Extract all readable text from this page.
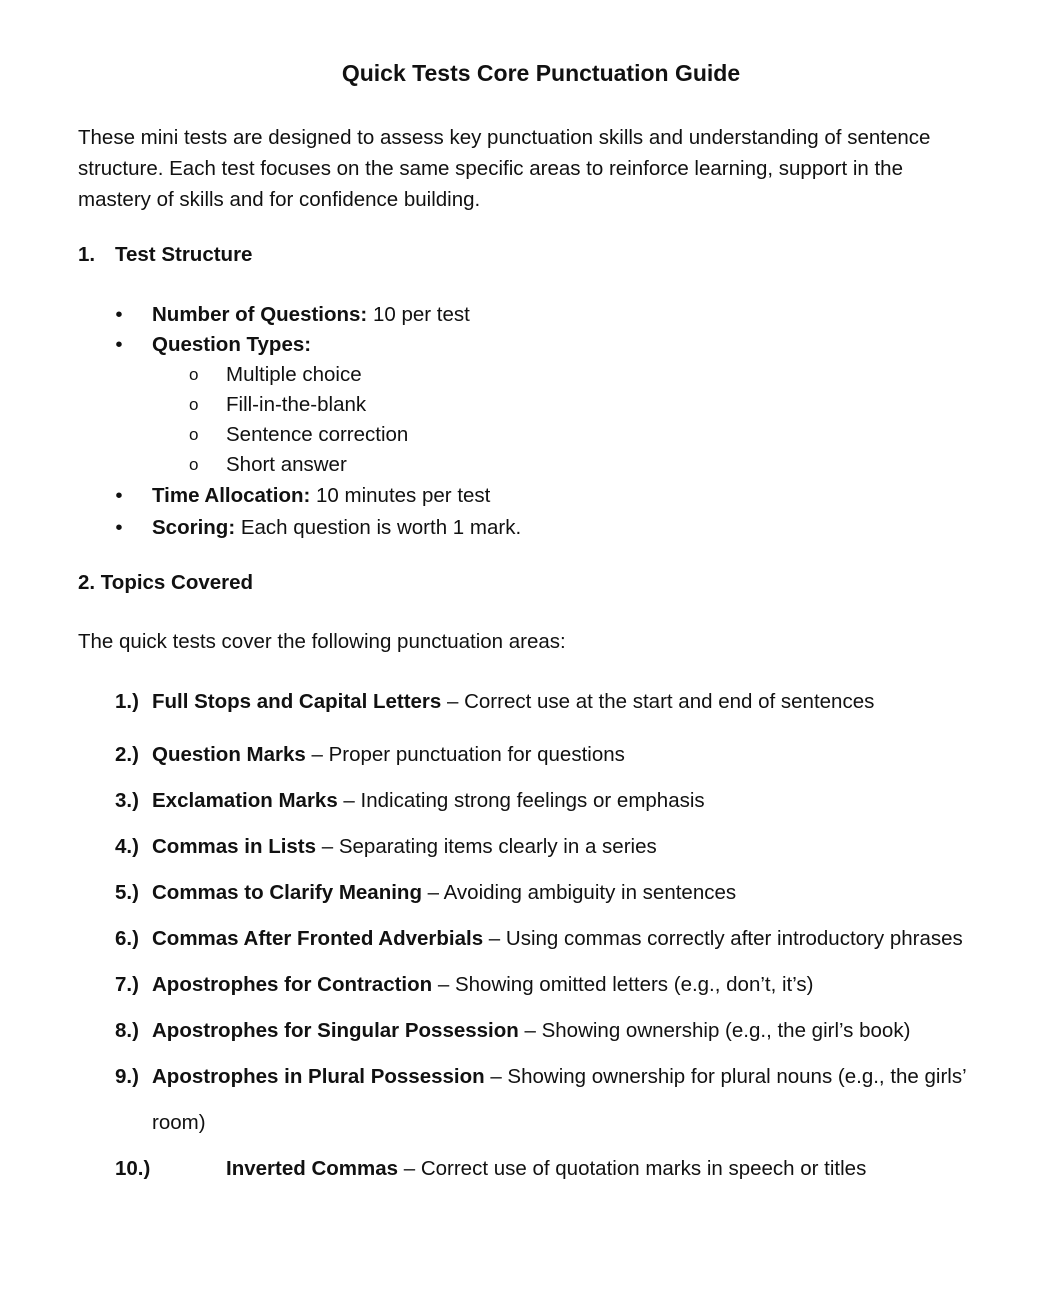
Quick Tests Core Punctuation Guide

These mini tests are designed to assess key punctuation skills and understanding of sentence structure. Each test focuses on the same specific areas to reinforce learning, support in the mastery of skills and for confidence building.

1. Test Structure

• Number of Questions: 10 per test
• Question Types:
o Multiple choice
o Fill-in-the-blank
o Sentence correction
o Short answer
• Time Allocation: 10 minutes per test
• Scoring: Each question is worth 1 mark.

2. Topics Covered

The quick tests cover the following punctuation areas:

1.) Full Stops and Capital Letters – Correct use at the start and end of sentences
2.) Question Marks – Proper punctuation for questions
3.) Exclamation Marks – Indicating strong feelings or emphasis
4.) Commas in Lists – Separating items clearly in a series
5.) Commas to Clarify Meaning – Avoiding ambiguity in sentences
6.) Commas After Fronted Adverbials – Using commas correctly after introductory phrases
7.) Apostrophes for Contraction – Showing omitted letters (e.g., don’t, it’s)
8.) Apostrophes for Singular Possession – Showing ownership (e.g., the girl’s book)
9.) Apostrophes in Plural Possession – Showing ownership for plural nouns (e.g., the girls’ room)
10.)	Inverted Commas – Correct use of quotation marks in speech or titles
